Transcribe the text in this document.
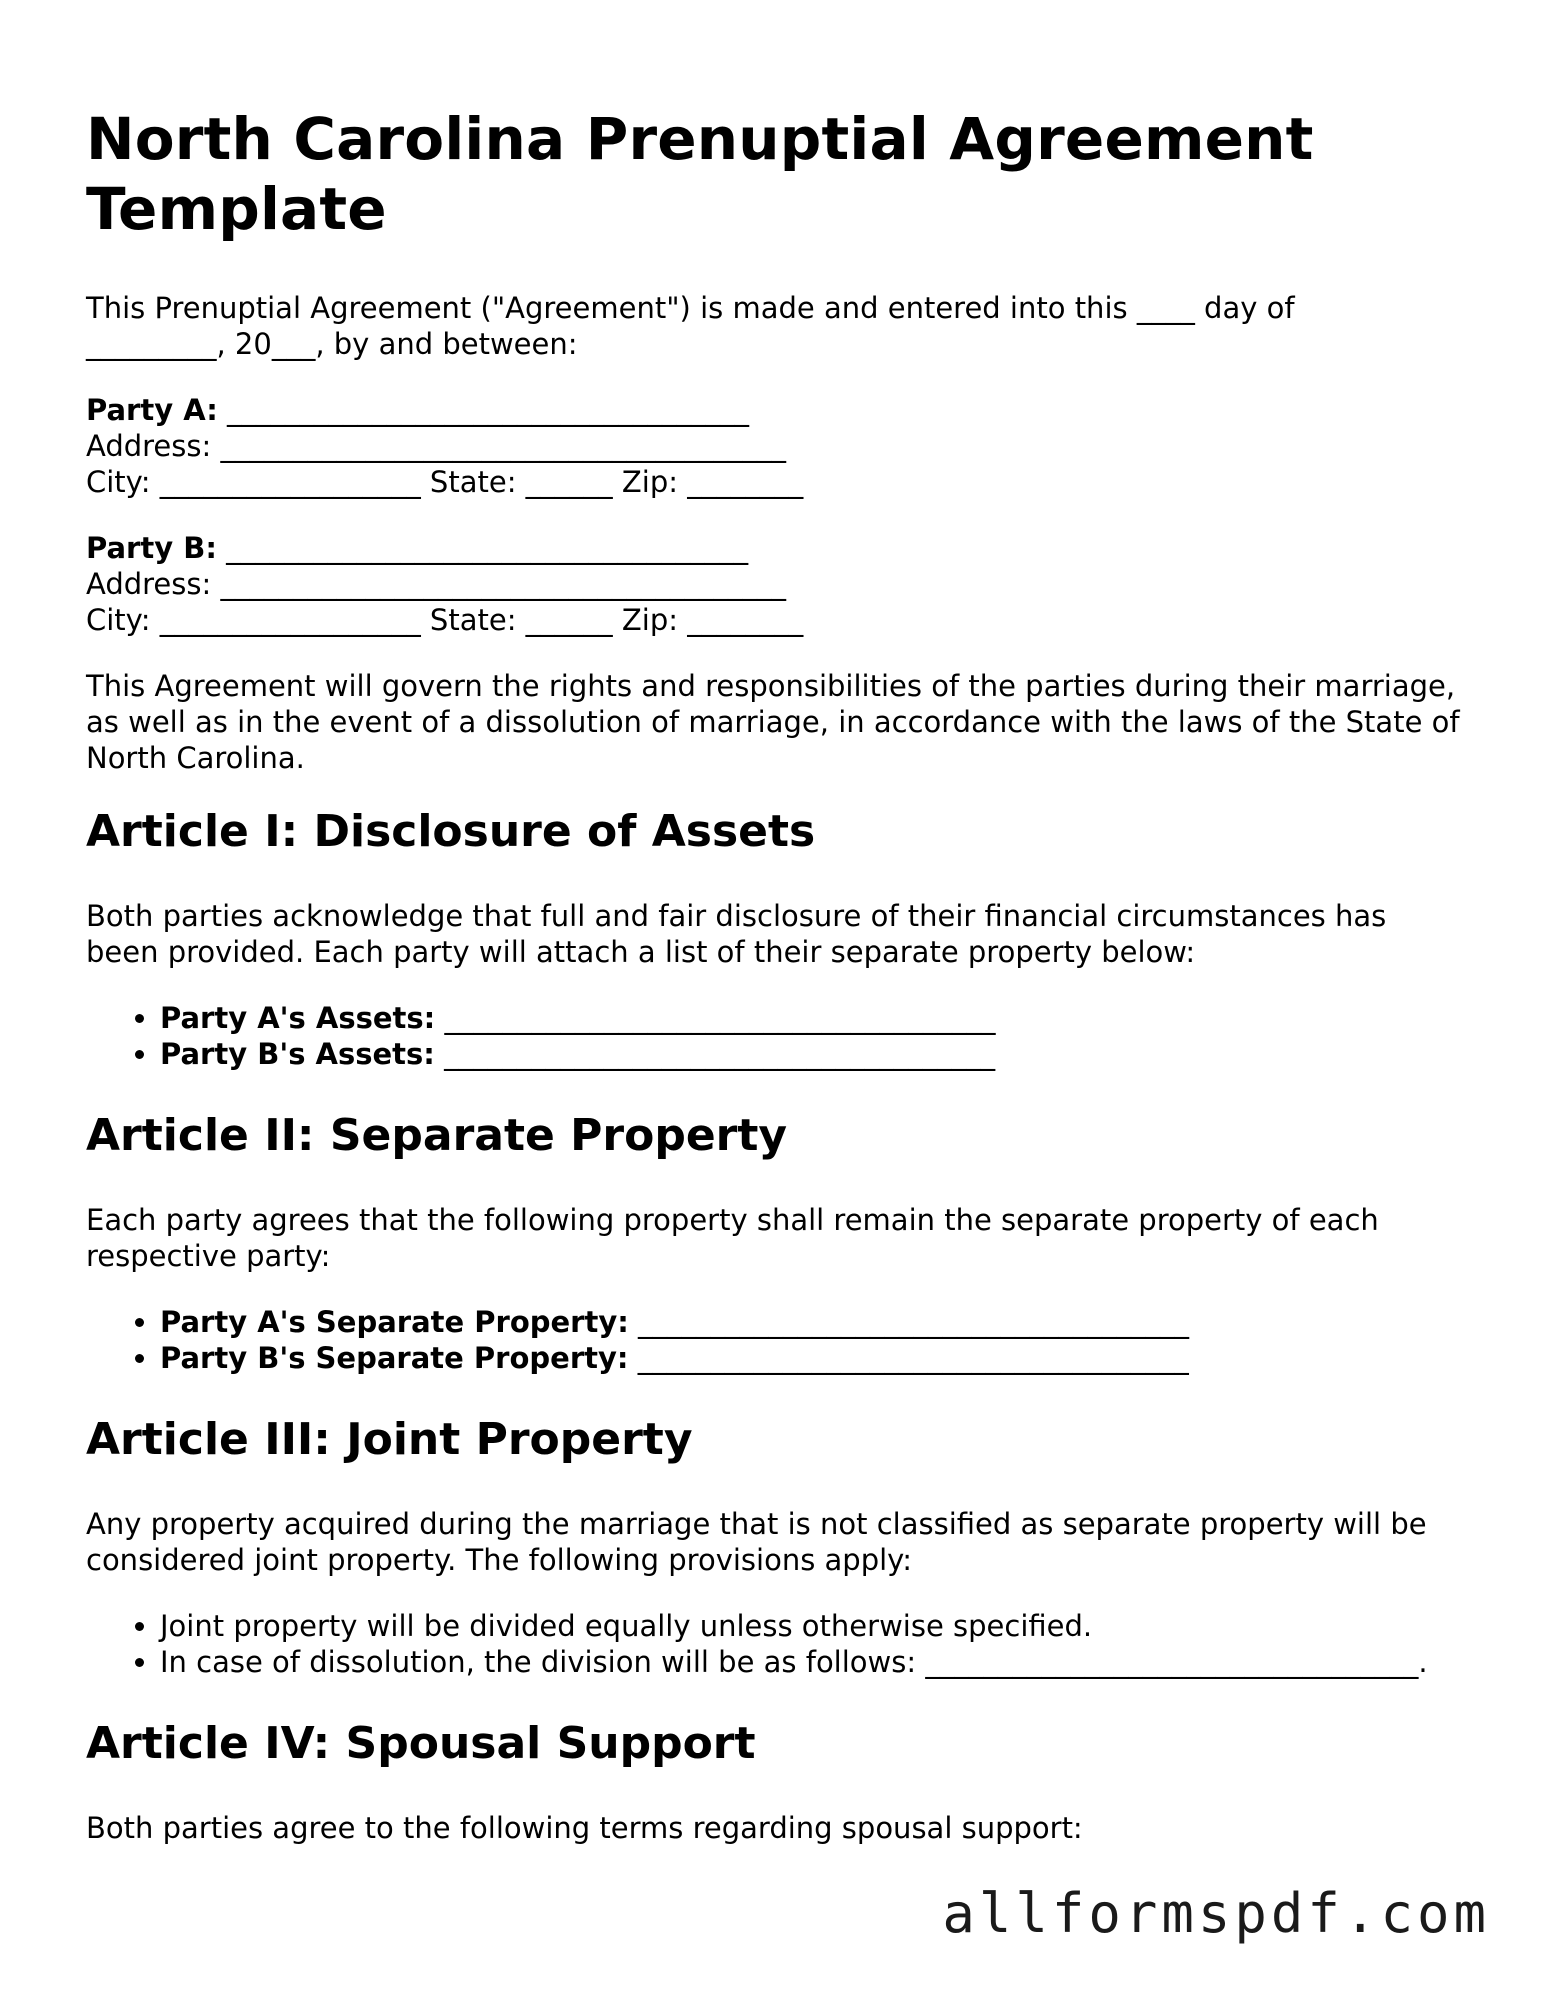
North Carolina Prenuptial Agreement Template

This Prenuptial Agreement ("Agreement") is made and entered into this ____ day of
_________, 20___, by and between:

Party A: ____________________________________
Address: _______________________________________
City: __________________ State: ______ Zip: ________
Party B: ____________________________________
Address: _______________________________________
City: __________________ State: ______ Zip: ________

This Agreement will govern the rights and responsibilities of the parties during their marriage, as well as in the event of a dissolution of marriage, in accordance with the laws of the State of North Carolina.

Article I: Disclosure of Assets

Both parties acknowledge that full and fair disclosure of their financial circumstances has been provided. Each party will attach a list of their separate property below:

• Party A's Assets: ______________________________________
• Party B's Assets: ______________________________________
Article II: Separate Property

Each party agrees that the following property shall remain the separate property of each respective party:

• Party A's Separate Property: ______________________________________
• Party B's Separate Property: ______________________________________
Article III: Joint Property

Any property acquired during the marriage that is not classified as separate property will be considered joint property. The following provisions apply:

• Joint property will be divided equally unless otherwise specified.
• In case of dissolution, the division will be as follows: __________________________________.
Article IV: Spousal Support

Both parties agree to the following terms regarding spousal support:

allformspdf.com
